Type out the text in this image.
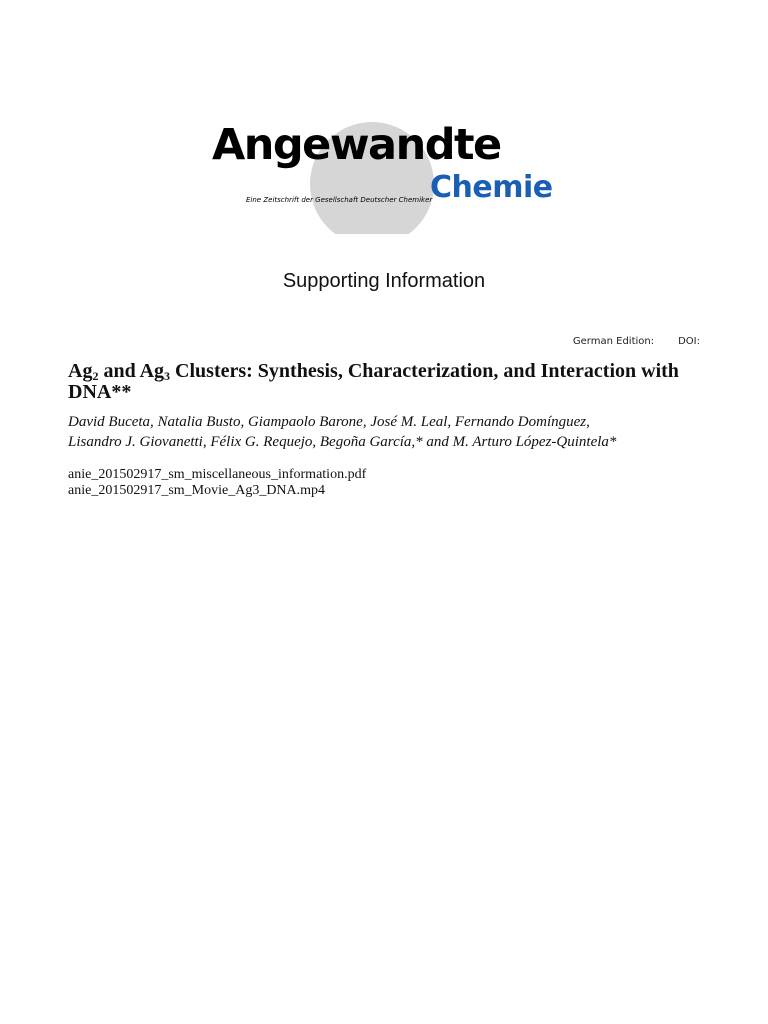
Angewandte
Chemie
Eine Zeitschrift der Gesellschaft Deutscher Chemiker
Supporting Information
German Edition: DOI:
$Ag_2$ and $Ag_3$ Clusters: Synthesis, Characterization, and Interaction with DNA**
David Buceta, Natalia Busto, Giampaolo Barone, José M. Leal, Fernando Domínguez,
Lisandro J. Giovanetti, Félix G. Requejo, Begoña García,* and M. Arturo López-Quintela*
anie_201502917_sm_miscellaneous_information.pdf
anie_201502917_sm_Movie_Ag3_DNA.mp4
